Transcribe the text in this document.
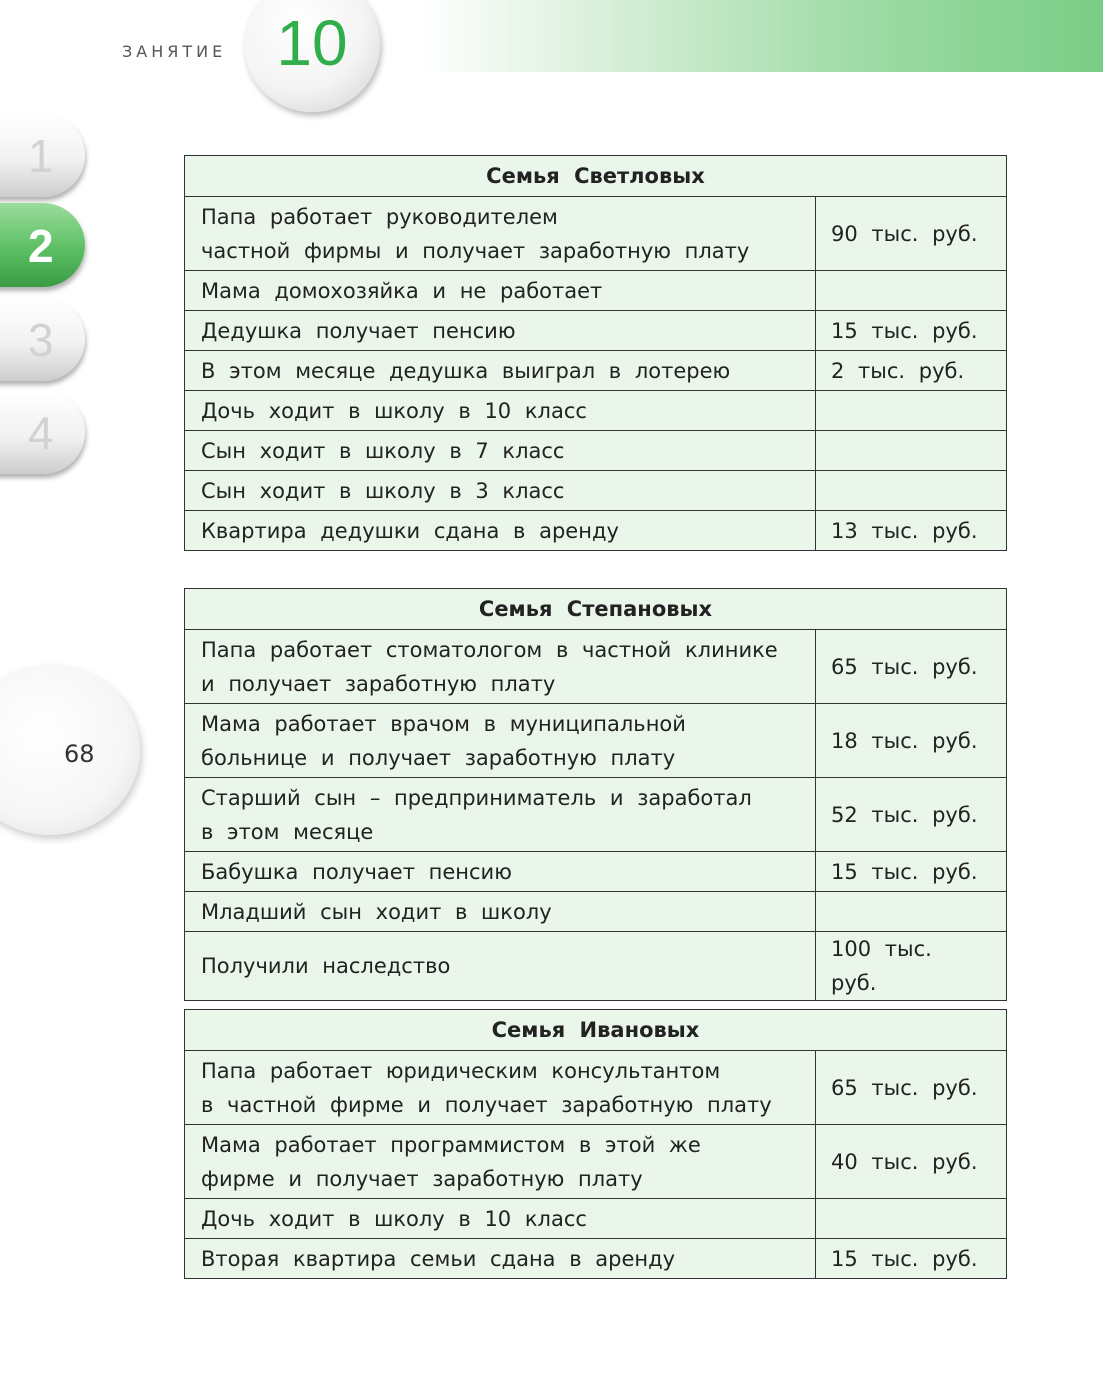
ЗАНЯТИЕ 10
1
2
3
4
68
Семья Светловых	
Папа работает руководителем
частной фирмы и получает заработную плату	90 тыс. руб.
Мама домохозяйка и не работает	
Дедушка получает пенсию	15 тыс. руб.
В этом месяце дедушка выиграл в лотерею	2 тыс. руб.
Дочь ходит в школу в 10 класс	
Сын ходит в школу в 7 класс	
Сын ходит в школу в 3 класс	
Квартира дедушки сдана в аренду	13 тыс. руб.
Семья Степановых	
Папа работает стоматологом в частной клинике
и получает заработную плату	65 тыс. руб.
Мама работает врачом в муниципальной
больнице и получает заработную плату	18 тыс. руб.
Старший сын – предприниматель и заработал
в этом месяце	52 тыс. руб.
Бабушка получает пенсию	15 тыс. руб.
Младший сын ходит в школу	
Получили наследство	100 тыс. руб.
Семья Ивановых	
Папа работает юридическим консультантом
в частной фирме и получает заработную плату	65 тыс. руб.
Мама работает программистом в этой же
фирме и получает заработную плату	40 тыс. руб.
Дочь ходит в школу в 10 класс	
Вторая квартира семьи сдана в аренду	15 тыс. руб.
